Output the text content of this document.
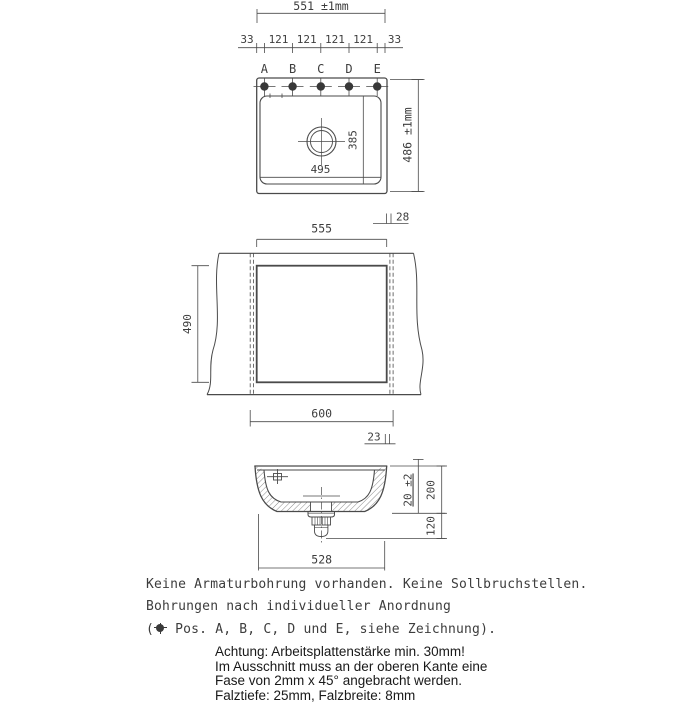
551 ±1mm
33 121 121 121 121 33
A B C D E
495
385	486 ±1mm
28
555
490
600
23
20 ±2 200
120
528
Keine Armaturbohrung vorhanden. Keine Sollbruchstellen.
Bohrungen nach individueller Anordnung
( Pos. A, B, C, D und E, siehe Zeichnung).
Achtung: Arbeitsplattenstärke min. 30mm!
Im Ausschnitt muss an der oberen Kante eine
Fase von 2mm x 45° angebracht werden.
Falztiefe: 25mm, Falzbreite: 8mm
